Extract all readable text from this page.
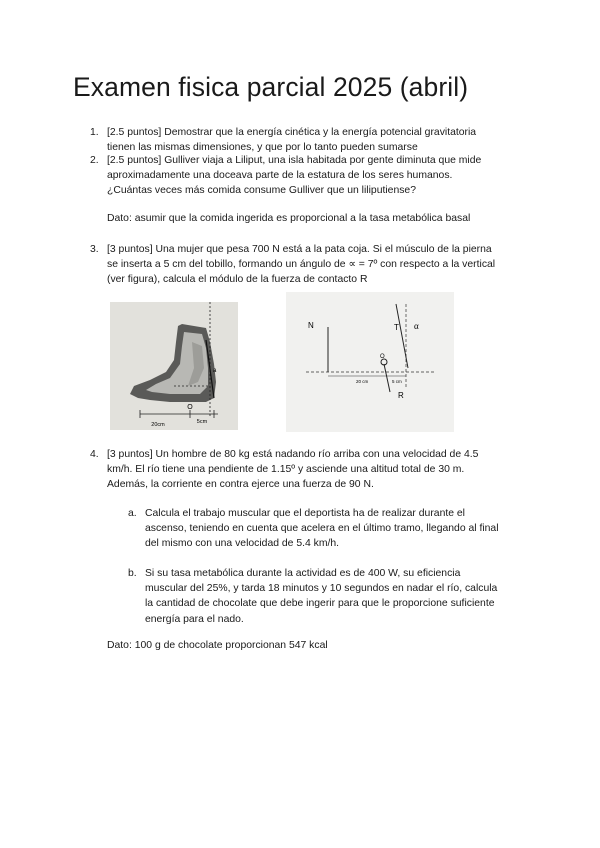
Examen fisica parcial 2025 (abril)
1. [2.5 puntos] Demostrar que la energía cinética y la energía potencial gravitatoria
tienen las mismas dimensiones, y que por lo tanto pueden sumarse
2. [2.5 puntos] Gulliver viaja a Liliput, una isla habitada por gente diminuta que mide
aproximadamente una doceava parte de la estatura de los seres humanos.
¿Cuántas veces más comida consume Gulliver que un liliputiense?
Dato: asumir que la comida ingerida es proporcional a la tasa metabólica basal
3. [3 puntos] Una mujer que pesa 700 N está a la pata coja. Si el músculo de la pierna
se inserta a 5 cm del tobillo, formando un ángulo de ∝ = 7º con respecto a la vertical
(ver figura), calcula el módulo de la fuerza de contacto R
O
a
20cm	5cm
N
20 cm	5 cm
T α
O
R
4. [3 puntos] Un hombre de 80 kg está nadando río arriba con una velocidad de 4.5
km/h. El río tiene una pendiente de 1.15º y asciende una altitud total de 30 m.
Además, la corriente en contra ejerce una fuerza de 90 N.
a. Calcula el trabajo muscular que el deportista ha de realizar durante el
ascenso, teniendo en cuenta que acelera en el último tramo, llegando al final
del mismo con una velocidad de 5.4 km/h.
b. Si su tasa metabólica durante la actividad es de 400 W, su eficiencia
muscular del 25%, y tarda 18 minutos y 10 segundos en nadar el río, calcula
la cantidad de chocolate que debe ingerir para que le proporcione suficiente
energía para el nado.
Dato: 100 g de chocolate proporcionan 547 kcal
